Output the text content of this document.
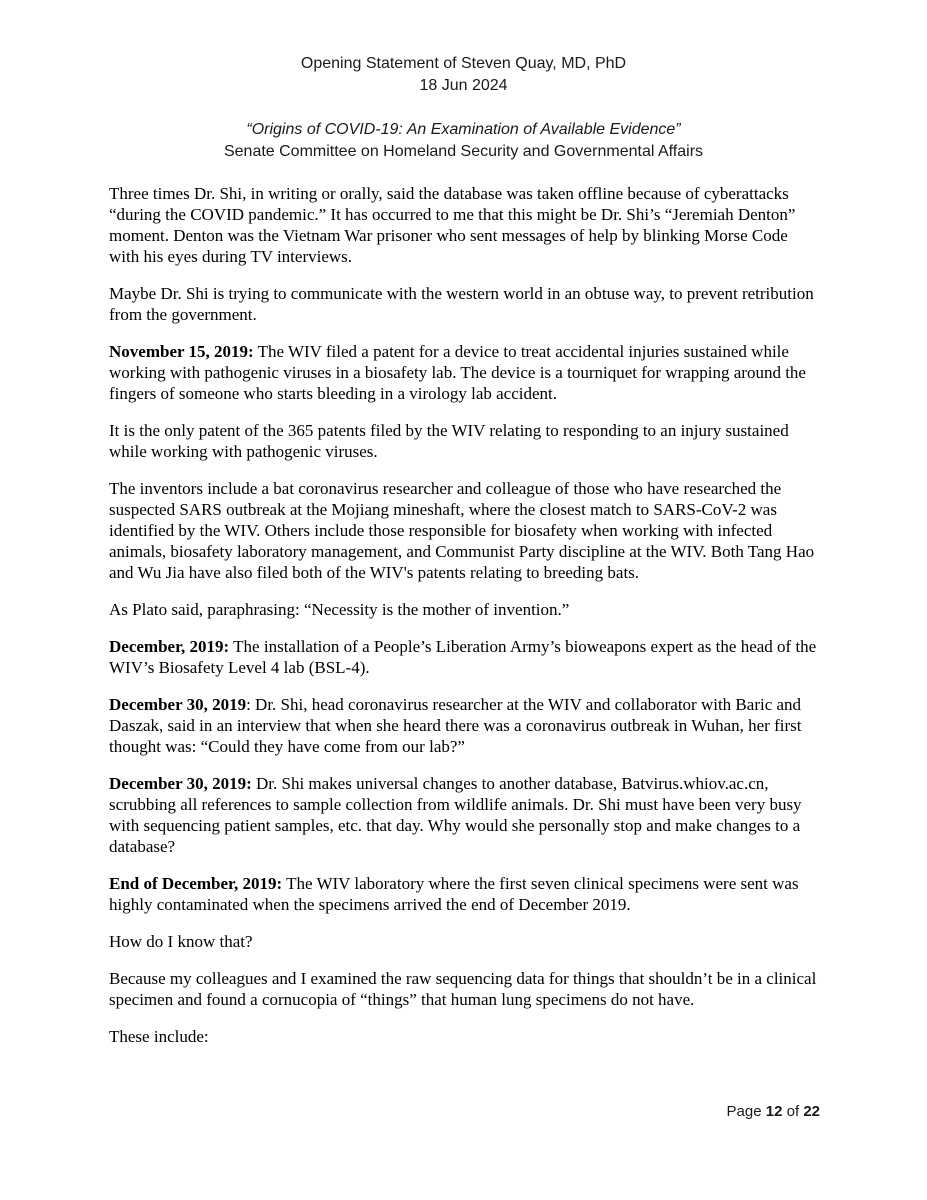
Opening Statement of Steven Quay, MD, PhD
18 Jun 2024
“Origins of COVID-19: An Examination of Available Evidence”
Senate Committee on Homeland Security and Governmental Affairs

Three times Dr. Shi, in writing or orally, said the database was taken offline because of cyberattacks “during the COVID pandemic.” It has occurred to me that this might be Dr. Shi’s “Jeremiah Denton” moment. Denton was the Vietnam War prisoner who sent messages of help by blinking Morse Code with his eyes during TV interviews.

Maybe Dr. Shi is trying to communicate with the western world in an obtuse way, to prevent retribution from the government.

November 15, 2019: The WIV filed a patent for a device to treat accidental injuries sustained while working with pathogenic viruses in a biosafety lab. The device is a tourniquet for wrapping around the fingers of someone who starts bleeding in a virology lab accident.

It is the only patent of the 365 patents filed by the WIV relating to responding to an injury sustained while working with pathogenic viruses.

The inventors include a bat coronavirus researcher and colleague of those who have researched the suspected SARS outbreak at the Mojiang mineshaft, where the closest match to SARS-CoV-2 was identified by the WIV. Others include those responsible for biosafety when working with infected animals, biosafety laboratory management, and Communist Party discipline at the WIV. Both Tang Hao and Wu Jia have also filed both of the WIV's patents relating to breeding bats.

As Plato said, paraphrasing: “Necessity is the mother of invention.”

December, 2019: The installation of a People’s Liberation Army’s bioweapons expert as the head of the WIV’s Biosafety Level 4 lab (BSL-4).

December 30, 2019: Dr. Shi, head coronavirus researcher at the WIV and collaborator with Baric and Daszak, said in an interview that when she heard there was a coronavirus outbreak in Wuhan, her first thought was: “Could they have come from our lab?”

December 30, 2019: Dr. Shi makes universal changes to another database, Batvirus.whiov.ac.cn, scrubbing all references to sample collection from wildlife animals. Dr. Shi must have been very busy with sequencing patient samples, etc. that day. Why would she personally stop and make changes to a database?

End of December, 2019: The WIV laboratory where the first seven clinical specimens were sent was highly contaminated when the specimens arrived the end of December 2019.

How do I know that?

Because my colleagues and I examined the raw sequencing data for things that shouldn’t be in a clinical specimen and found a cornucopia of “things” that human lung specimens do not have.

These include:

Page 12 of 22
